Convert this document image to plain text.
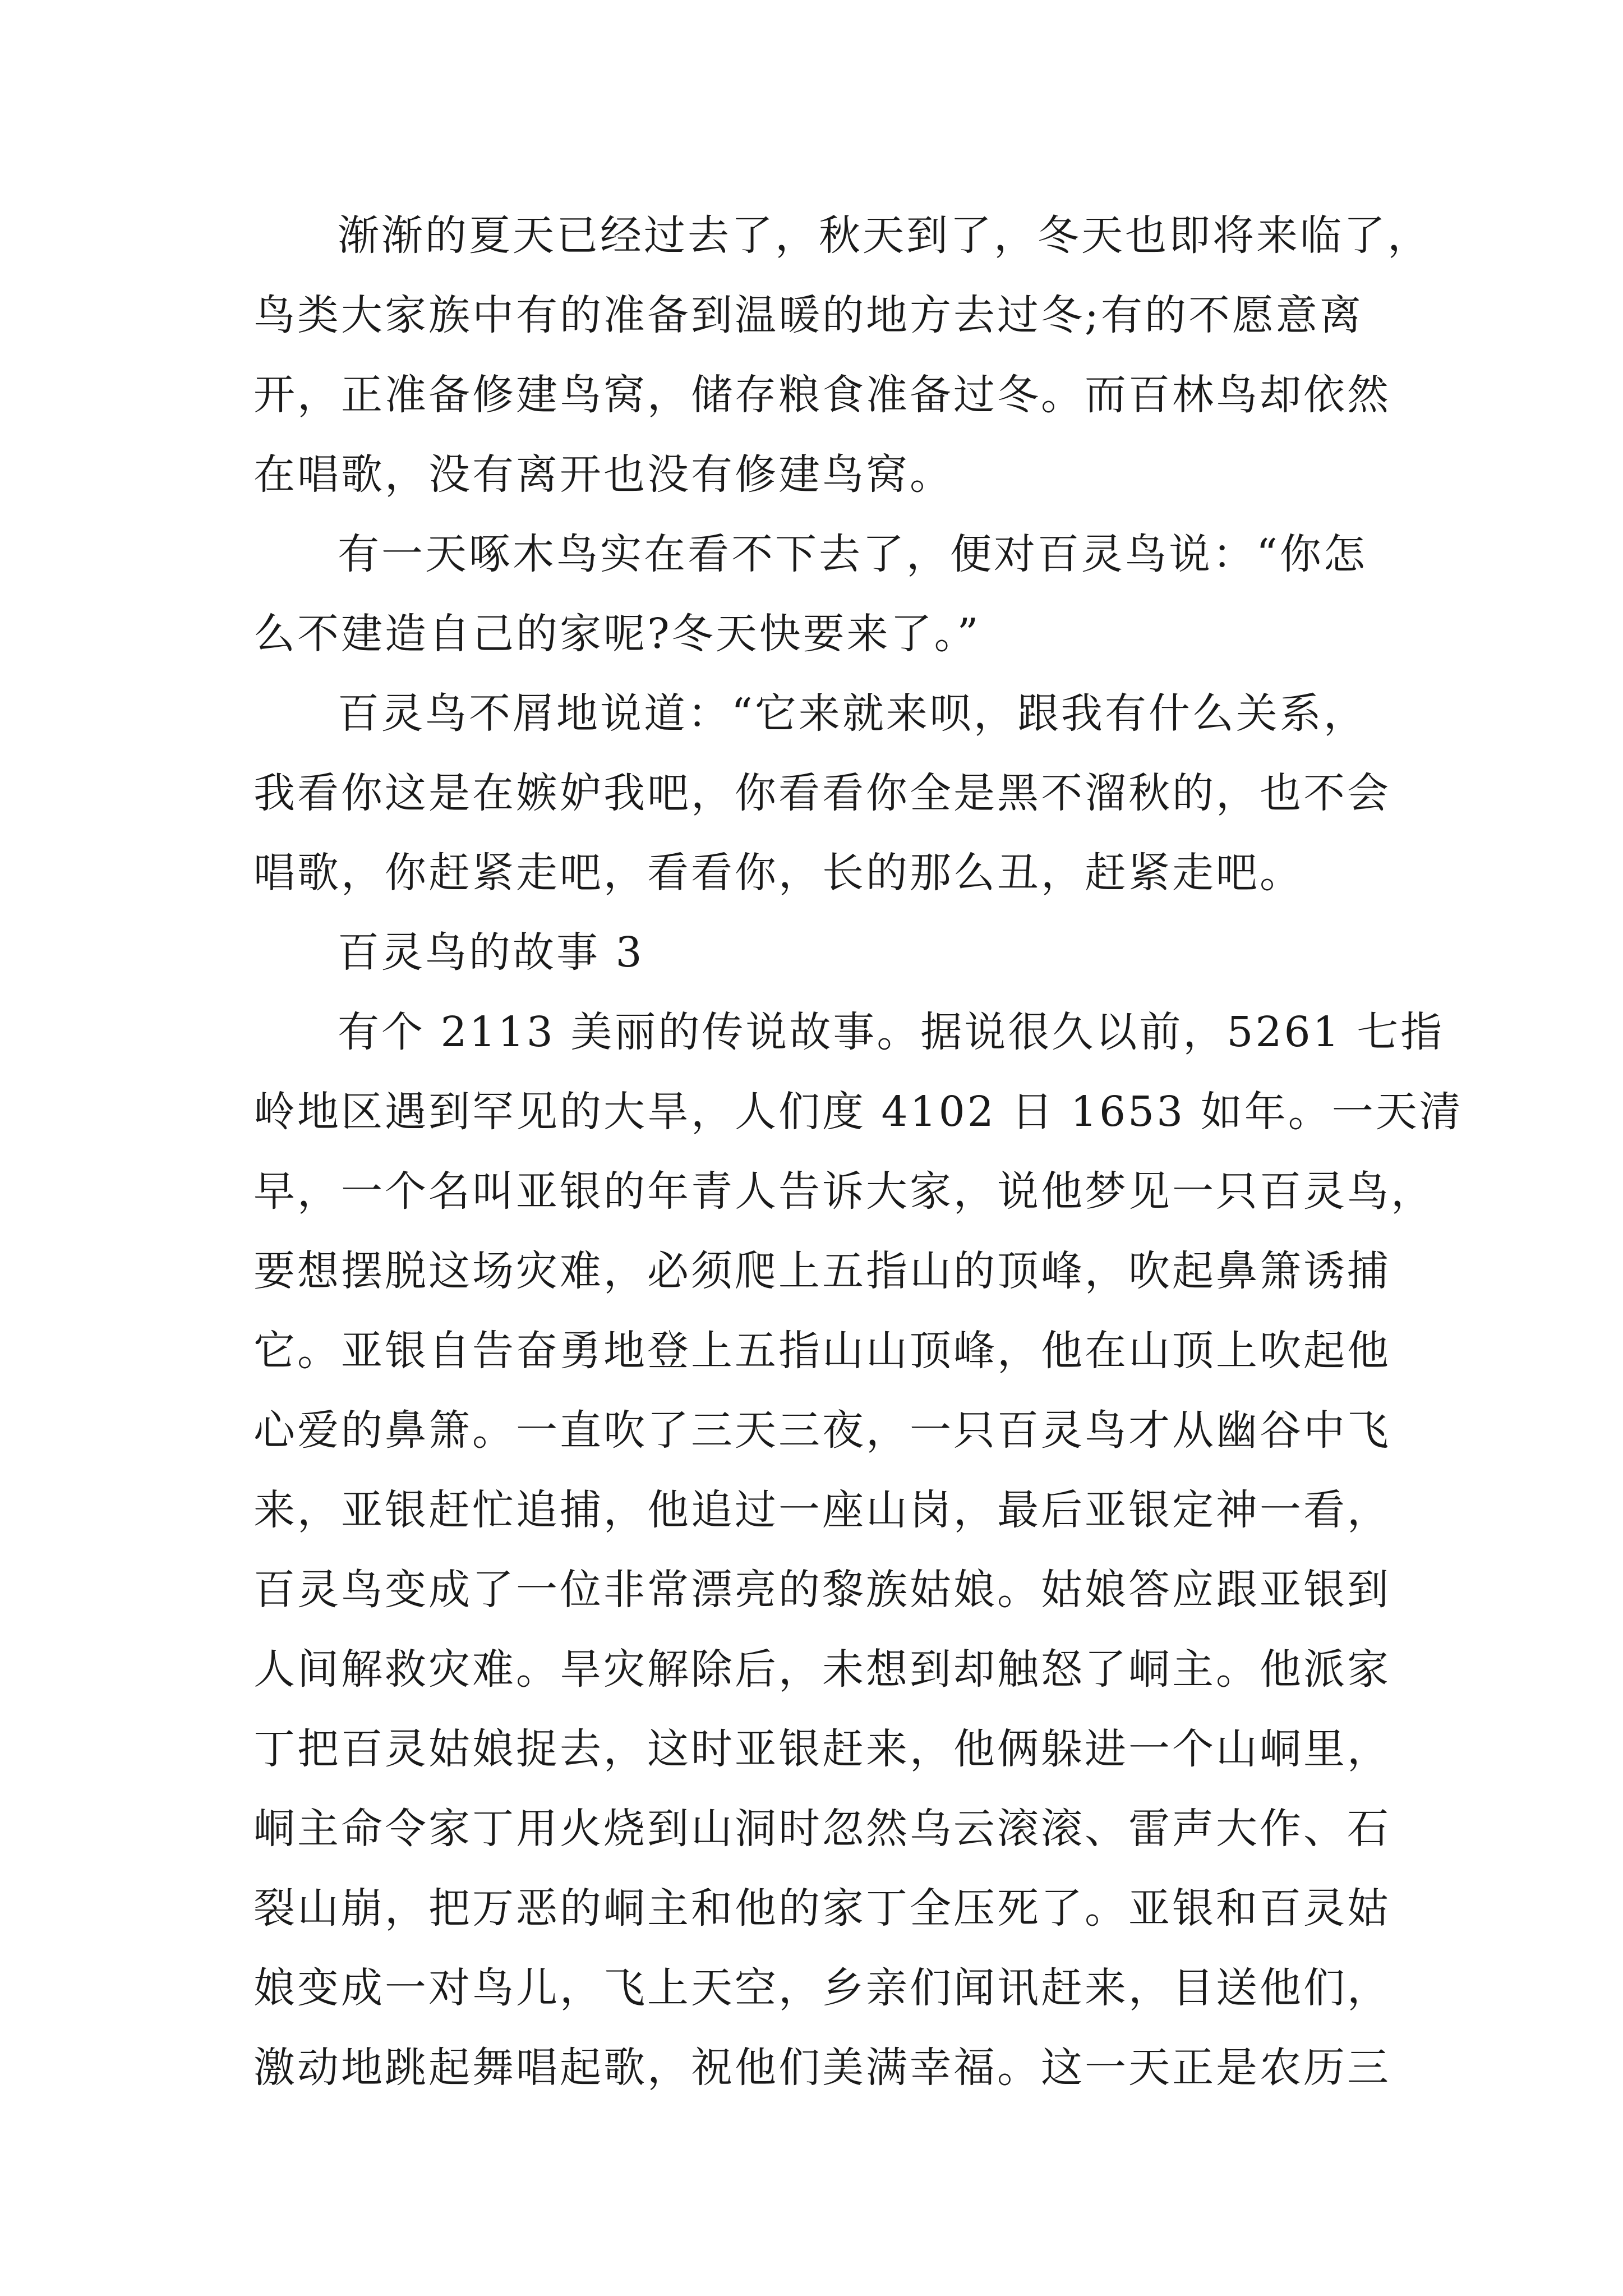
渐渐的夏天已经过去了，秋天到了，冬天也即将来临了，
鸟类大家族中有的准备到温暖的地方去过冬;有的不愿意离
开，正准备修建鸟窝，储存粮食准备过冬。而百林鸟却依然
在唱歌，没有离开也没有修建鸟窝。
有一天啄木鸟实在看不下去了，便对百灵鸟说：“你怎
么不建造自己的家呢?冬天快要来了。”
百灵鸟不屑地说道：“它来就来呗，跟我有什么关系，
我看你这是在嫉妒我吧，你看看你全是黑不溜秋的，也不会
唱歌，你赶紧走吧，看看你，长的那么丑，赶紧走吧。
百灵鸟的故事 3
有个 2113 美丽的传说故事。据说很久以前，5261 七指
岭地区遇到罕见的大旱，人们度 4102 日 1653 如年。一天清
早，一个名叫亚银的年青人告诉大家，说他梦见一只百灵鸟，
要想摆脱这场灾难，必须爬上五指山的顶峰，吹起鼻箫诱捕
它。亚银自告奋勇地登上五指山山顶峰，他在山顶上吹起他
心爱的鼻箫。一直吹了三天三夜，一只百灵鸟才从幽谷中飞
来，亚银赶忙追捕，他追过一座山岗，最后亚银定神一看，
百灵鸟变成了一位非常漂亮的黎族姑娘。姑娘答应跟亚银到
人间解救灾难。旱灾解除后，未想到却触怒了峒主。他派家
丁把百灵姑娘捉去，这时亚银赶来，他俩躲进一个山峒里，
峒主命令家丁用火烧到山洞时忽然乌云滚滚、雷声大作、石
裂山崩，把万恶的峒主和他的家丁全压死了。亚银和百灵姑
娘变成一对鸟儿，飞上天空，乡亲们闻讯赶来，目送他们，
激动地跳起舞唱起歌，祝他们美满幸福。这一天正是农历三
